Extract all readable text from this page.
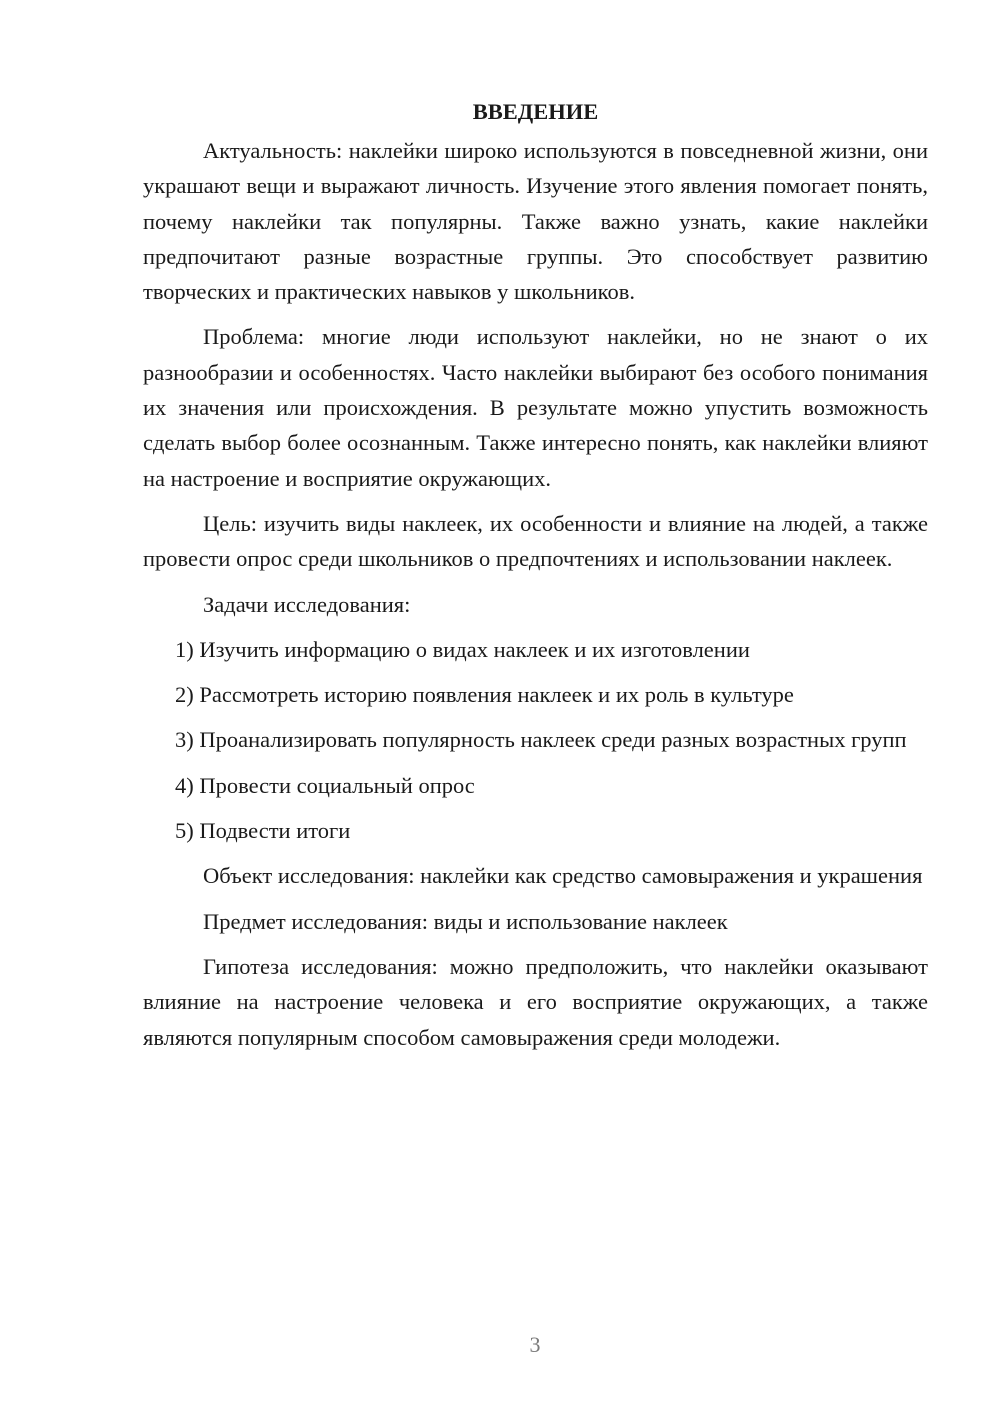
ВВЕДЕНИЕ

Актуальность: наклейки широко используются в повседневной жизни, они украшают вещи и выражают личность. Изучение этого явления помогает понять, почему наклейки так популярны. Также важно узнать, какие наклейки предпочитают разные возрастные группы. Это способствует развитию творческих и практических навыков у школьников.

Проблема: многие люди используют наклейки, но не знают о их разнообразии и особенностях. Часто наклейки выбирают без особого понимания их значения или происхождения. В результате можно упустить возможность сделать выбор более осознанным. Также интересно понять, как наклейки влияют на настроение и восприятие окружающих.

Цель: изучить виды наклеек, их особенности и влияние на людей, а также провести опрос среди школьников о предпочтениях и использовании наклеек.

Задачи исследования:

1) Изучить информацию о видах наклеек и их изготовлении

2) Рассмотреть историю появления наклеек и их роль в культуре

3) Проанализировать популярность наклеек среди разных возрастных групп

4) Провести социальный опрос

5) Подвести итоги

Объект исследования: наклейки как средство самовыражения и украшения

Предмет исследования: виды и использование наклеек

Гипотеза исследования: можно предположить, что наклейки оказывают влияние на настроение человека и его восприятие окружающих, а также являются популярным способом самовыражения среди молодежи.

3
